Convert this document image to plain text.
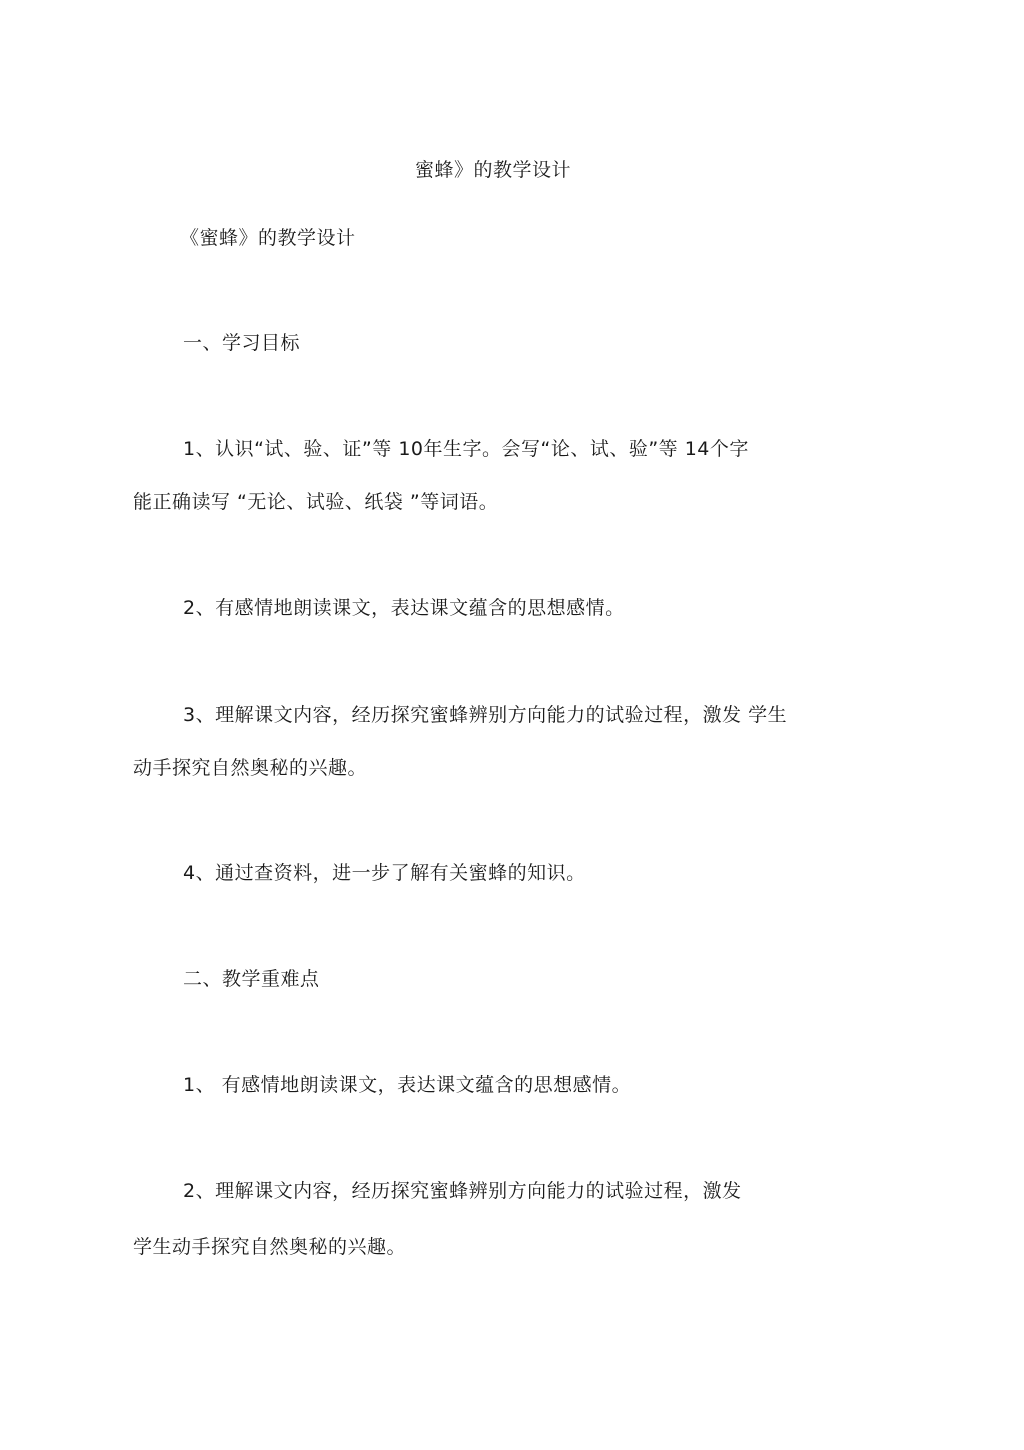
蜜蜂》的教学设计
《蜜蜂》的教学设计
一、学习目标
1、认识“试、验、证”等 10年生字。会写“论、试、验”等 14个字
能正确读写 “无论、试验、纸袋 ”等词语。
2、有感情地朗读课文，表达课文蕴含的思想感情。
3、理解课文内容，经历探究蜜蜂辨别方向能力的试验过程，激发 学生
动手探究自然奥秘的兴趣。
4、通过查资料，进一步了解有关蜜蜂的知识。
二、教学重难点
1、 有感情地朗读课文，表达课文蕴含的思想感情。
2、理解课文内容，经历探究蜜蜂辨别方向能力的试验过程，激发
学生动手探究自然奥秘的兴趣。
